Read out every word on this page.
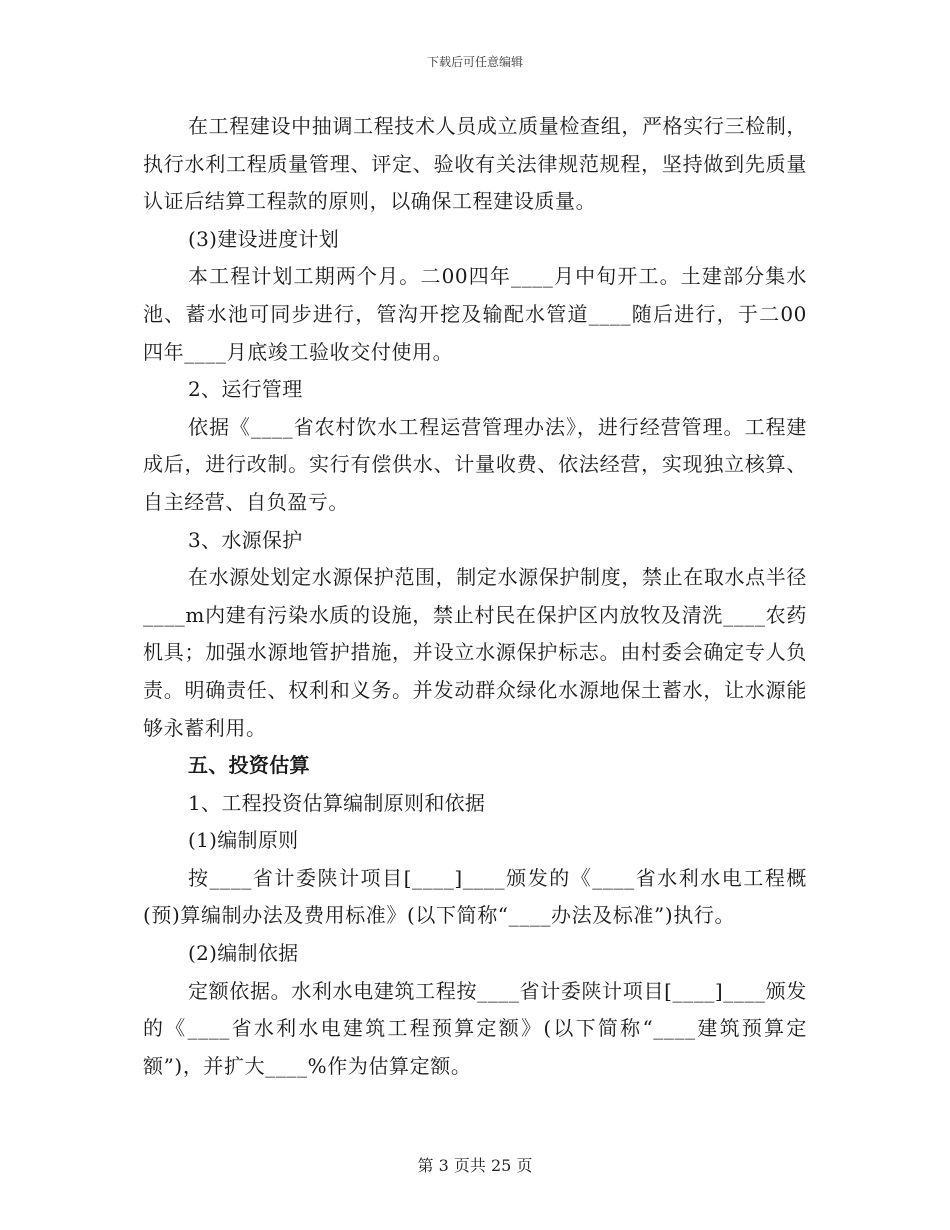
下载后可任意编辑

在工程建设中抽调工程技术人员成立质量检查组，严格实行三检制，执行水利工程质量管理、评定、验收有关法律规范规程，坚持做到先质量认证后结算工程款的原则，以确保工程建设质量。

(3)建设进度计划

本工程计划工期两个月。二00四年____月中旬开工。土建部分集水池、蓄水池可同步进行，管沟开挖及输配水管道____随后进行，于二00四年____月底竣工验收交付使用。

2、运行管理

依据《____省农村饮水工程运营管理办法》，进行经营管理。工程建成后，进行改制。实行有偿供水、计量收费、依法经营，实现独立核算、自主经营、自负盈亏。

3、水源保护

在水源处划定水源保护范围，制定水源保护制度，禁止在取水点半径____m内建有污染水质的设施，禁止村民在保护区内放牧及清洗____农药机具；加强水源地管护措施，并设立水源保护标志。由村委会确定专人负责。明确责任、权利和义务。并发动群众绿化水源地保土蓄水，让水源能够永蓄利用。

五、投资估算

1、工程投资估算编制原则和依据

(1)编制原则

按____省计委陕计项目[____]____颁发的《____省水利水电工程概(预)算编制办法及费用标准》(以下简称“____办法及标准”)执行。

(2)编制依据

定额依据。水利水电建筑工程按____省计委陕计项目[____]____颁发的《____省水利水电建筑工程预算定额》(以下简称“____建筑预算定额”)，并扩大____%作为估算定额。

第 3 页共 25 页
